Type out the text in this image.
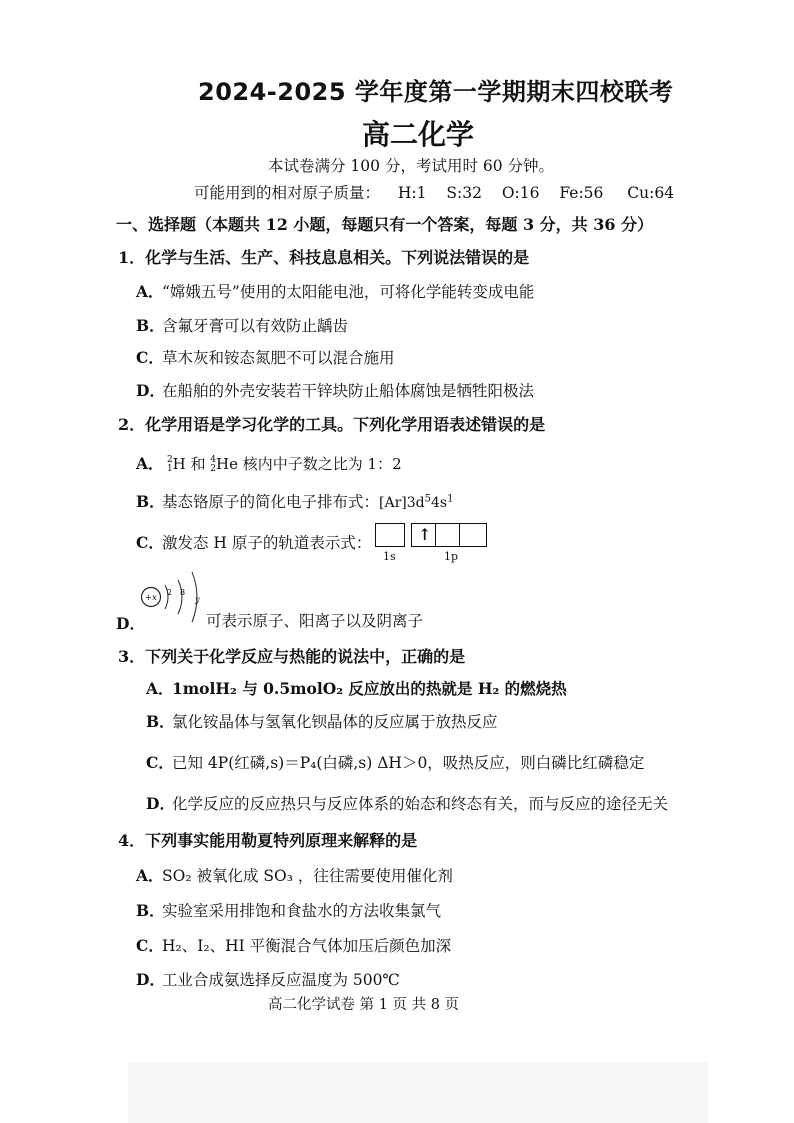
2024-2025 学年度第一学期期末四校联考
高二化学
本试卷满分 100 分，考试用时 60 分钟。
可能用到的相对原子质量： H:1 S:32 O:16 Fe:56 Cu:64
一、选择题（本题共 12 小题，每题只有一个答案，每题 3 分，共 36 分）
1．化学与生活、生产、科技息息相关。下列说法错误的是
A．“嫦娥五号”使用的太阳能电池，可将化学能转变成电能
B．含氟牙膏可以有效防止龋齿
C．草木灰和铵态氮肥不可以混合施用
D．在船舶的外壳安装若干锌块防止船体腐蚀是牺牲阳极法
2．化学用语是学习化学的工具。下列化学用语表述错误的是
A． 2
1H 和 4
2He 核内中子数之比为 1：2
B．基态铬原子的简化电子排布式：$[Ar]3d^54s^1$
C．激发态 H 原子的轨道表示式：	↑
1s	1p
D．
+x
2 8
y
可表示原子、阳离子以及阴离子
3．下列关于化学反应与热能的说法中，正确的是
A．1molH₂ 与 0.5molO₂ 反应放出的热就是 H₂ 的燃烧热
B．氯化铵晶体与氢氧化钡晶体的反应属于放热反应
C．已知 4P(红磷,s)＝P₄(白磷,s) ΔH＞0，吸热反应，则白磷比红磷稳定
D．化学反应的反应热只与反应体系的始态和终态有关，而与反应的途径无关
4．下列事实能用勒夏特列原理来解释的是
A．SO₂ 被氧化成 SO₃ ，往往需要使用催化剂
B．实验室采用排饱和食盐水的方法收集氯气
C．H₂、I₂、HI 平衡混合气体加压后颜色加深
D．工业合成氨选择反应温度为 500℃
高二化学试卷 第 1 页 共 8 页
